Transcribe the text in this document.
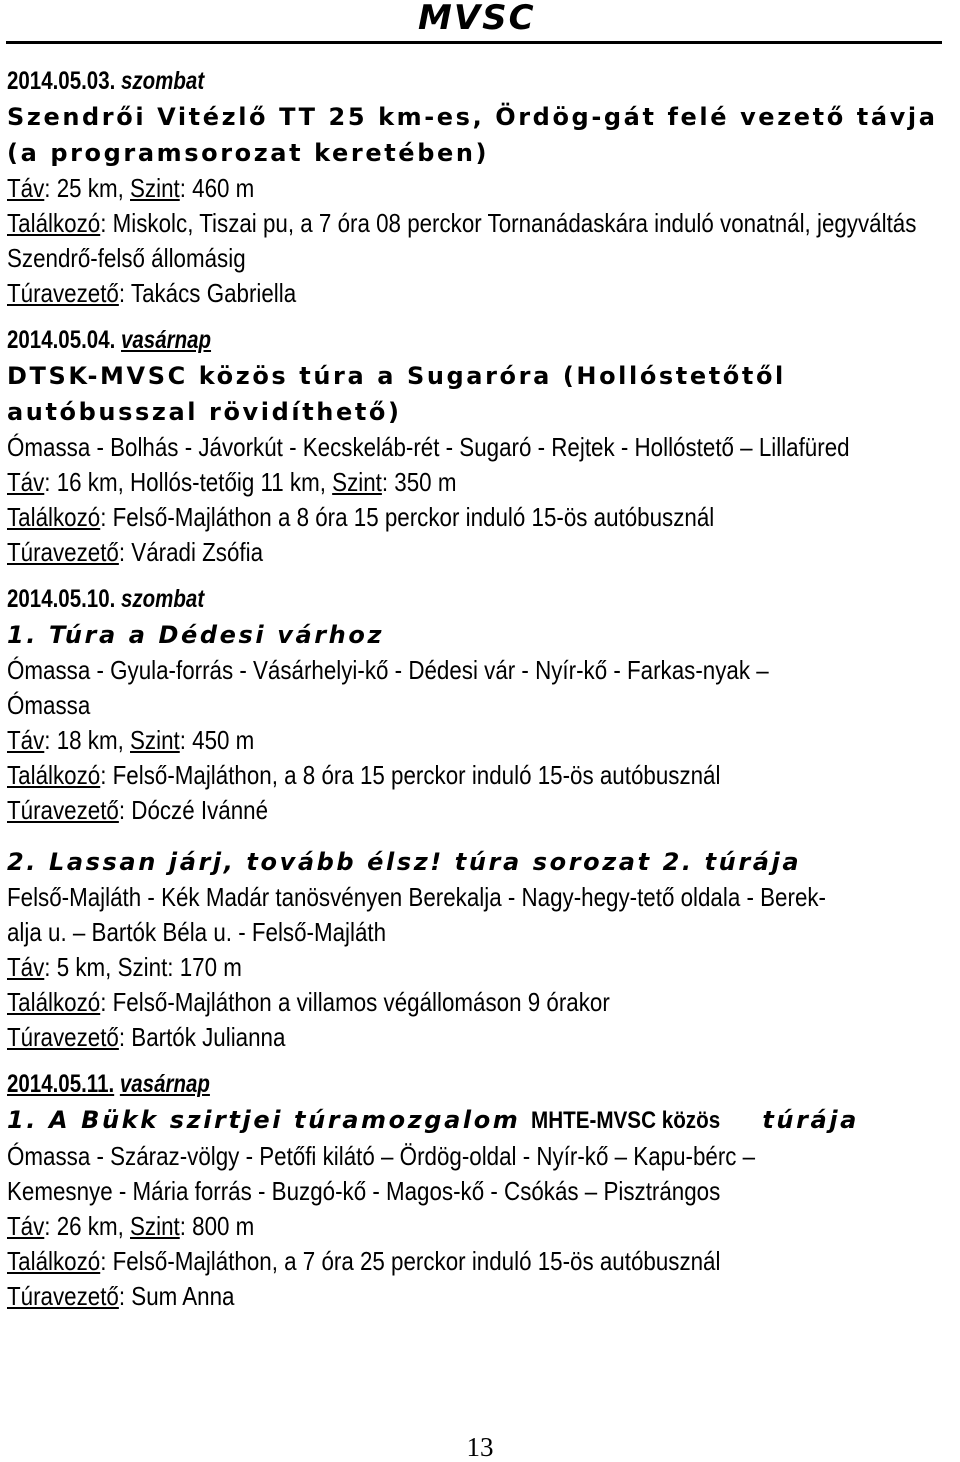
MVSC
2014.05.03. szombat
Szendrői Vitézlő TT 25 km-es, Ördög-gát felé vezető távja (a programsorozat keretében)
Táv: 25 km, Szint: 460 m
Találkozó: Miskolc, Tiszai pu, a 7 óra 08 perckor Tornanádaskára induló vonatnál, jegyváltás Szendrő-felső állomásig
Túravezető: Takács Gabriella
2014.05.04. vasárnap
DTSK-MVSC közös túra a Sugaróra (Hollóstetőtől autóbusszal rövidíthető)
Ómassa - Bolhás - Jávorkút - Kecskeláb-rét - Sugaró - Rejtek - Hollóstető – Lillafüred
Táv: 16 km, Hollós-tetőig 11 km, Szint: 350 m
Találkozó: Felső-Majláthon a 8 óra 15 perckor induló 15-ös autóbusznál
Túravezető: Váradi Zsófia
2014.05.10. szombat
1. Túra a Dédesi várhoz
Ómassa - Gyula-forrás - Vásárhelyi-kő - Dédesi vár - Nyír-kő - Farkas-nyak –
Ómassa
Táv: 18 km, Szint: 450 m
Találkozó: Felső-Majláthon, a 8 óra 15 perckor induló 15-ös autóbusznál
Túravezető: Dóczé Ivánné
2. Lassan járj, tovább élsz! túra sorozat 2. túrája
Felső-Majláth - Kék Madár tanösvényen Berekalja - Nagy-hegy-tető oldala - Berek-
alja u. – Bartók Béla u. - Felső-Majláth
Táv: 5 km, Szint: 170 m
Találkozó: Felső-Majláthon a villamos végállomáson 9 órakor
Túravezető: Bartók Julianna
2014.05.11. vasárnap
1. A Bükk szirtjei túramozgalom MHTE-MVSC közös túrája
Ómassa - Száraz-völgy - Petőfi kilátó – Ördög-oldal - Nyír-kő – Kapu-bérc –
Kemesnye - Mária forrás - Buzgó-kő - Magos-kő - Csókás – Pisztrángos
Táv: 26 km, Szint: 800 m
Találkozó: Felső-Majláthon, a 7 óra 25 perckor induló 15-ös autóbusznál
Túravezető: Sum Anna
13
